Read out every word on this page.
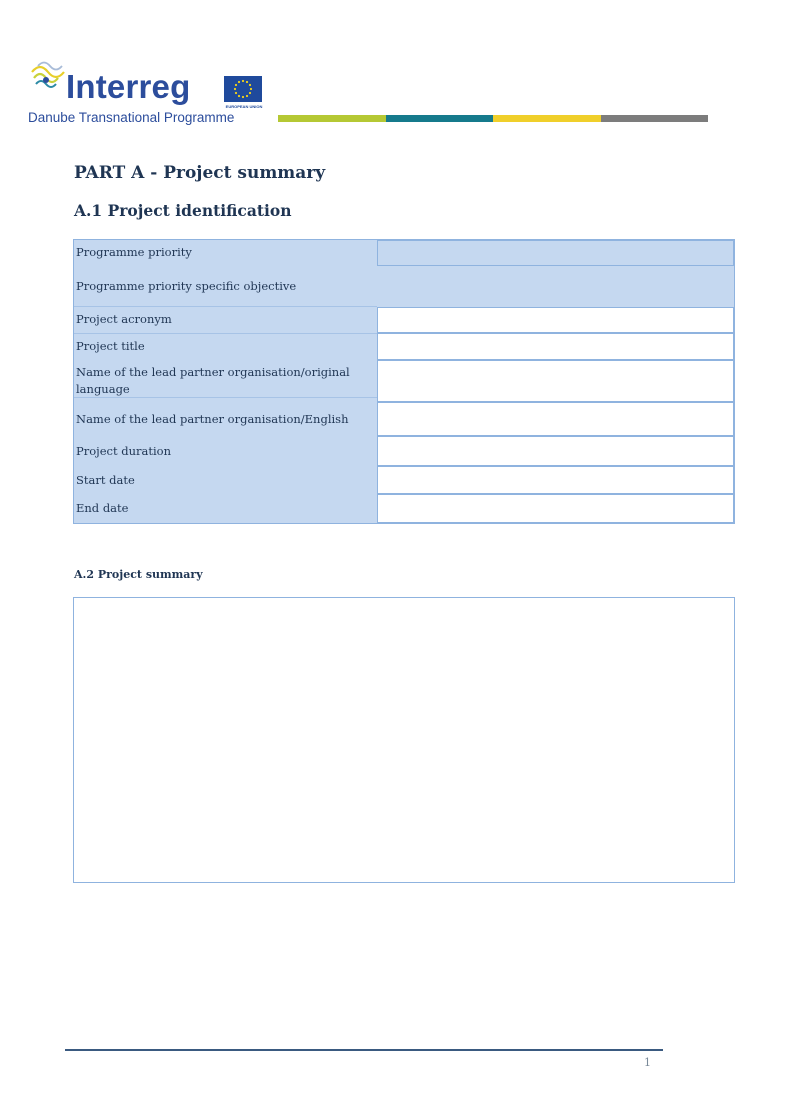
Interreg
EUROPEAN UNION
Danube Transnational Programme
PART A - Project summary
A.1 Project identification
Programme priority
Programme priority specific objective
Project acronym
Project title
Name of the lead partner organisation/original language
Name of the lead partner organisation/English
Project duration
Start date
End date
A.2 Project summary
1
